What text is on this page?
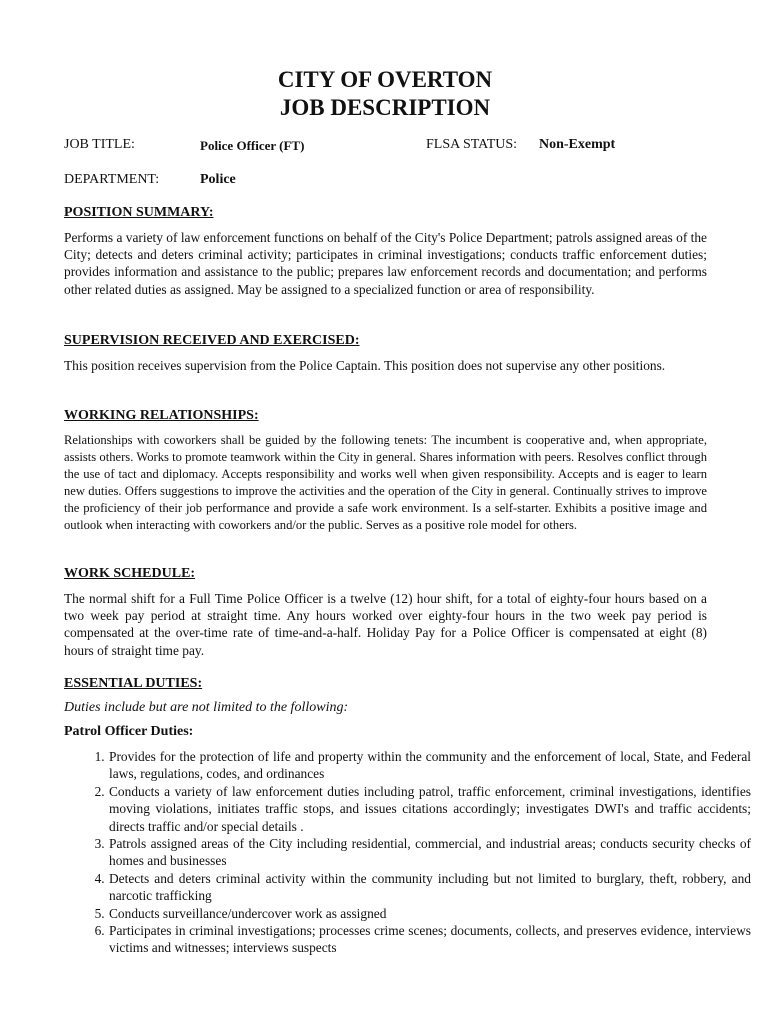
CITY OF OVERTON
JOB DESCRIPTION
JOB TITLE:	Police Officer (FT)	FLSA STATUS: Non-Exempt
DEPARTMENT:	Police
POSITION SUMMARY:

Performs a variety of law enforcement functions on behalf of the City's Police Department; patrols assigned areas of the City; detects and deters criminal activity; participates in criminal investigations; conducts traffic enforcement duties; provides information and assistance to the public; prepares law enforcement records and documentation; and performs other related duties as assigned. May be assigned to a specialized function or area of responsibility.

SUPERVISION RECEIVED AND EXERCISED:

This position receives supervision from the Police Captain. This position does not supervise any other positions.

WORKING RELATIONSHIPS:

Relationships with coworkers shall be guided by the following tenets: The incumbent is cooperative and, when appropriate, assists others. Works to promote teamwork within the City in general. Shares information with peers. Resolves conflict through the use of tact and diplomacy. Accepts responsibility and works well when given responsibility. Accepts and is eager to learn new duties. Offers suggestions to improve the activities and the operation of the City in general. Continually strives to improve the proficiency of their job performance and provide a safe work environment. Is a self-starter. Exhibits a positive image and outlook when interacting with coworkers and/or the public. Serves as a positive role model for others.

WORK SCHEDULE:

The normal shift for a Full Time Police Officer is a twelve (12) hour shift, for a total of eighty-four hours based on a two week pay period at straight time. Any hours worked over eighty-four hours in the two week pay period is compensated at the over-time rate of time-and-a-half. Holiday Pay for a Police Officer is compensated at eight (8) hours of straight time pay.

ESSENTIAL DUTIES:
Duties include but are not limited to the following:
Patrol Officer Duties:
1. Provides for the protection of life and property within the community and the enforcement of local, State, and Federal laws, regulations, codes, and ordinances
2. Conducts a variety of law enforcement duties including patrol, traffic enforcement, criminal investigations, identifies moving violations, initiates traffic stops, and issues citations accordingly; investigates DWI's and traffic accidents; directs traffic and/or special details .
3. Patrols assigned areas of the City including residential, commercial, and industrial areas; conducts security checks of homes and businesses
4. Detects and deters criminal activity within the community including but not limited to burglary, theft, robbery, and narcotic trafficking
5. Conducts surveillance/undercover work as assigned
6. Participates in criminal investigations; processes crime scenes; documents, collects, and preserves evidence, interviews victims and witnesses; interviews suspects
